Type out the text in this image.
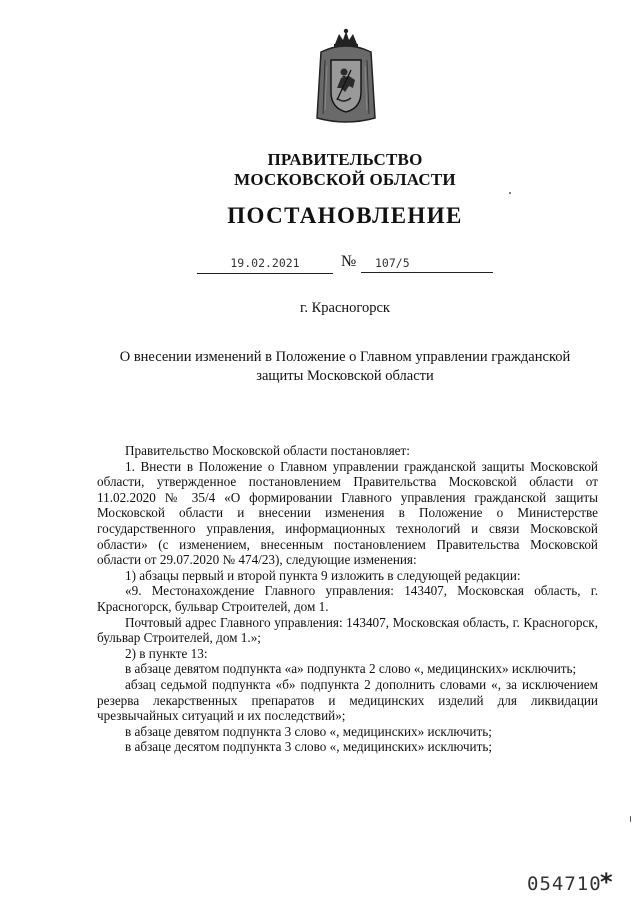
ПРАВИТЕЛЬСТВО
МОСКОВСКОЙ ОБЛАСТИ
ПОСТАНОВЛЕНИЕ
19.02.2021	№	107/5
г. Красногорск
О внесении изменений в Положение о Главном управлении гражданской защиты Московской области

Правительство Московской области постановляет:

1. Внести в Положение о Главном управлении гражданской защиты Московской области, утвержденное постановлением Правительства Московской области от 11.02.2020 № 35/4 «О формировании Главного управления гражданской защиты Московской области и внесении изменения в Положение о Министерстве государственного управления, информационных технологий и связи Московской области» (с изменением, внесенным постановлением Правительства Московской области от 29.07.2020 № 474/23), следующие изменения:

1) абзацы первый и второй пункта 9 изложить в следующей редакции:

«9. Местонахождение Главного управления: 143407, Московская область, г. Красногорск, бульвар Строителей, дом 1.

Почтовый адрес Главного управления: 143407, Московская область, г. Красногорск, бульвар Строителей, дом 1.»;

2) в пункте 13:

в абзаце девятом подпункта «а» подпункта 2 слово «, медицинских» исключить;

абзац седьмой подпункта «б» подпункта 2 дополнить словами «, за исключением резерва лекарственных препаратов и медицинских изделий для ликвидации чрезвычайных ситуаций и их последствий»;

в абзаце девятом подпункта 3 слово «, медицинских» исключить;

в абзаце десятом подпункта 3 слово «, медицинских» исключить;

054710
*
